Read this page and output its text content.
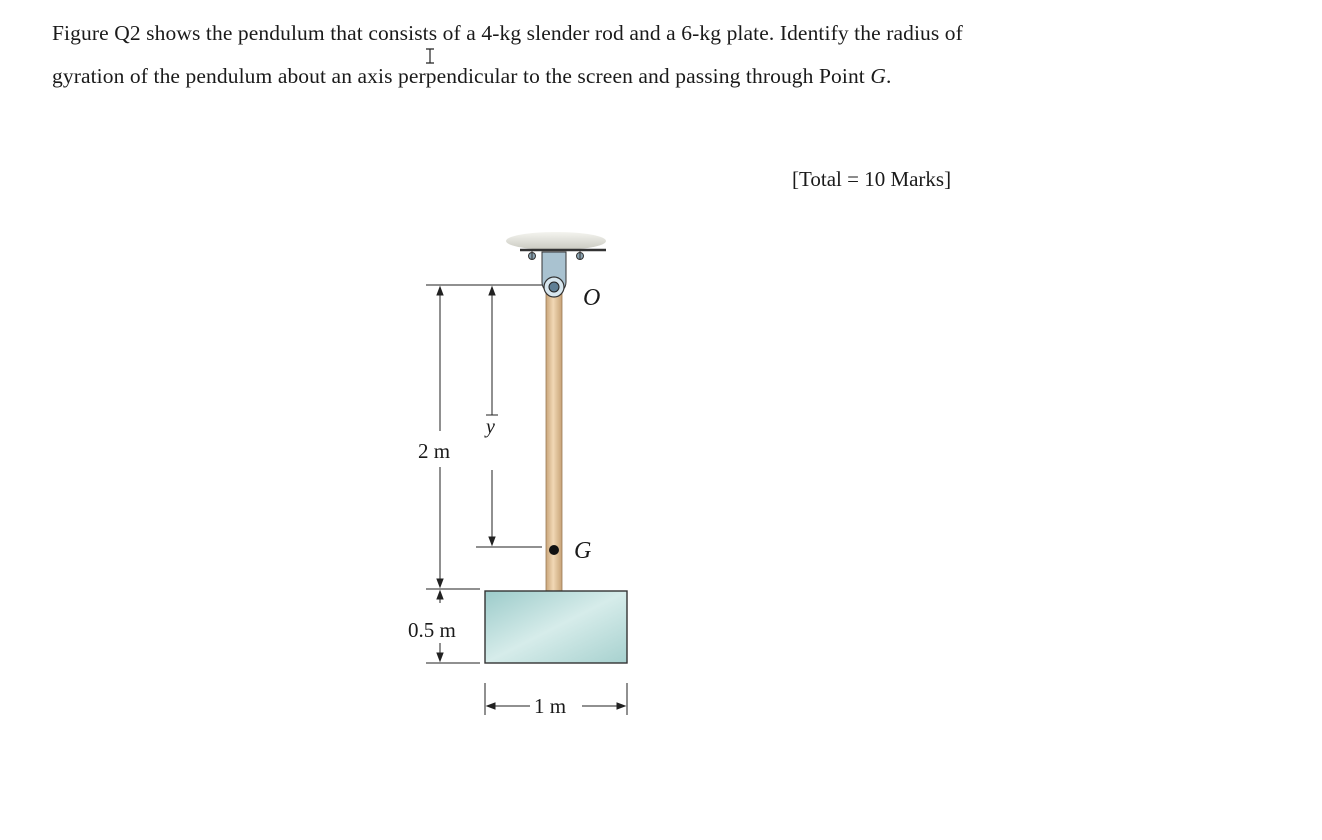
Figure Q2 shows the pendulum that consists of a 4-kg slender rod and a 6-kg plate. Identify the radius of gyration of the pendulum about an axis perpendicular to the screen and passing through Point G.

[Total = 10 Marks]
O
G
y
2 m
0.5 m
1 m
